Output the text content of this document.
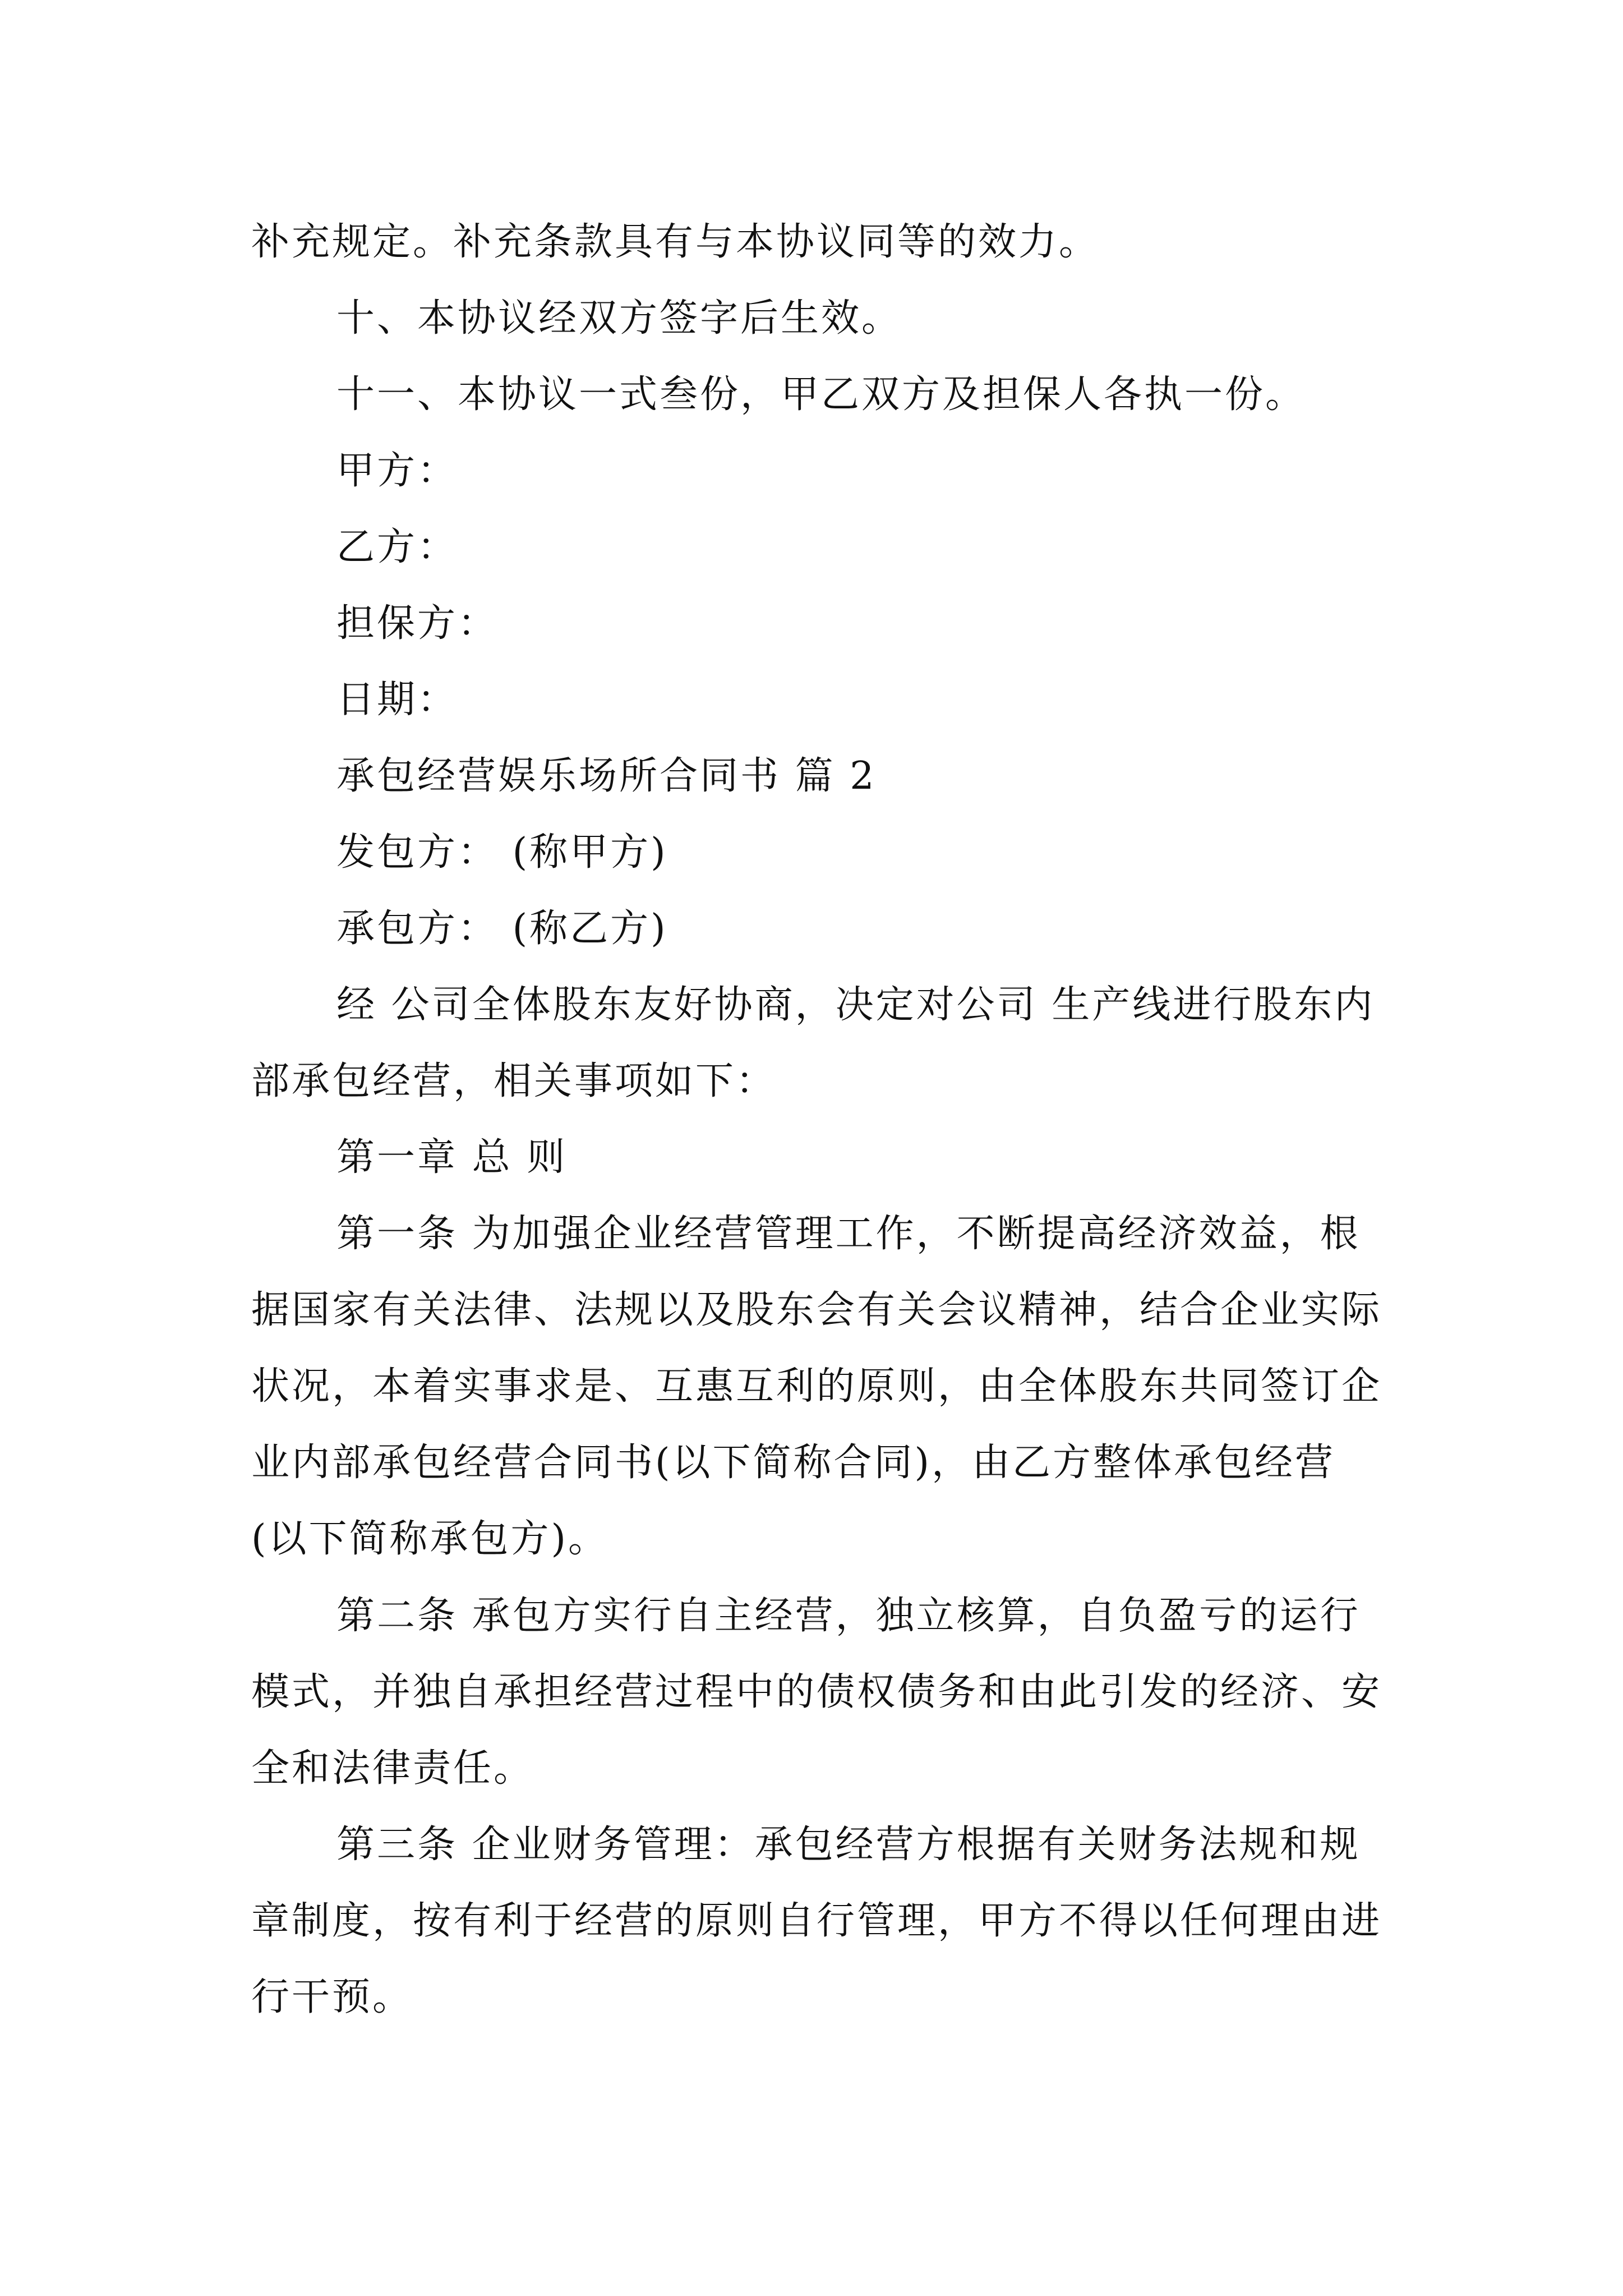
补充规定。补充条款具有与本协议同等的效力。

十、本协议经双方签字后生效。

十一、本协议一式叁份，甲乙双方及担保人各执一份。

甲方：

乙方：

担保方：

日期：

承包经营娱乐场所合同书 篇 2

发包方： (称甲方)

承包方： (称乙方)

经 公司全体股东友好协商，决定对公司 生产线进行股东内部承包经营，相关事项如下：

第一章 总 则

第一条 为加强企业经营管理工作，不断提高经济效益，根据国家有关法律、法规以及股东会有关会议精神，结合企业实际状况，本着实事求是、互惠互利的原则，由全体股东共同签订企业内部承包经营合同书(以下简称合同)，由乙方整体承包经营(以下简称承包方)。

第二条 承包方实行自主经营，独立核算，自负盈亏的运行模式，并独自承担经营过程中的债权债务和由此引发的经济、安全和法律责任。

第三条 企业财务管理：承包经营方根据有关财务法规和规章制度，按有利于经营的原则自行管理，甲方不得以任何理由进行干预。
